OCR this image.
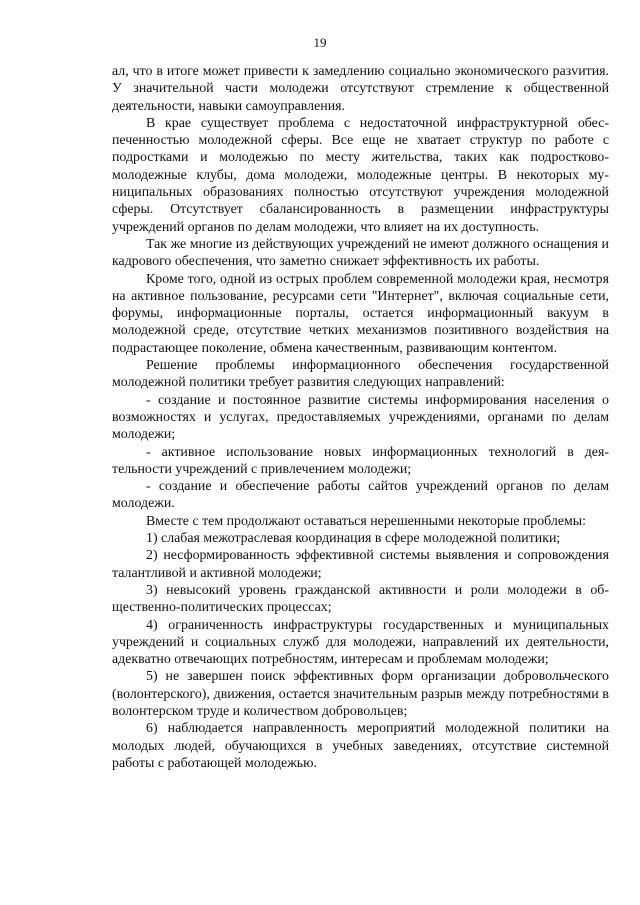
19

ал, что в итоге может привести к замедлению социально экономического разvития. У значительной части молодежи отсутствуют стремление к общественной деятельности, навыки самоуправления.

В крае существует проблема с недостаточной инфраструктурной обеспеченностью молодежной сферы. Все еще не хватает структур по работе с подростками и молодежью по месту жительства, таких как подростково-молодежные клубы, дома молодежи, молодежные центры. В некоторых муниципальных образованиях полностью отсутствуют учреждения молодежной сферы. Отсутствует сбалансированность в размещении инфраструктуры учреждений органов по делам молодежи, что влияет на их доступность.

Так же многие из действующих учреждений не имеют должного оснащения и кадрового обеспечения, что заметно снижает эффективность их работы.

Кроме того, одной из острых проблем современной молодежи края, несмотря на активное пользование, ресурсами сети "Интернет", включая социальные сети, форумы, информационные порталы, остается информационный вакуум в молодежной среде, отсутствие четких механизмов позитивного воздействия на подрастающее поколение, обмена качественным, развивающим контентом.

Решение проблемы информационного обеспечения государственной молодежной политики требует развития следующих направлений:

- создание и постоянное развитие системы информирования населения о возможностях и услугах, предоставляемых учреждениями, органами по делам молодежи;

- активное использование новых информационных технологий в деятельности учреждений с привлечением молодежи;

- создание и обеспечение работы сайтов учреждений органов по делам молодежи.

Вместе с тем продолжают оставаться нерешенными некоторые проблемы:

1) слабая межотраслевая координация в сфере молодежной политики;

2) несформированность эффективной системы выявления и сопровождения талантливой и активной молодежи;

3) невысокий уровень гражданской активности и роли молодежи в общественно-политических процессах;

4) ограниченность инфраструктуры государственных и муниципальных учреждений и социальных служб для молодежи, направлений их деятельности, адекватно отвечающих потребностям, интересам и проблемам молодежи;

5) не завершен поиск эффективных форм организации добровольческого (волонтерского), движения, остается значительным разрыв между потребностями в волонтерском труде и количеством добровольцев;

6) наблюдается направленность мероприятий молодежной политики на молодых людей, обучающихся в учебных заведениях, отсутствие системной работы с работающей молодежью.
